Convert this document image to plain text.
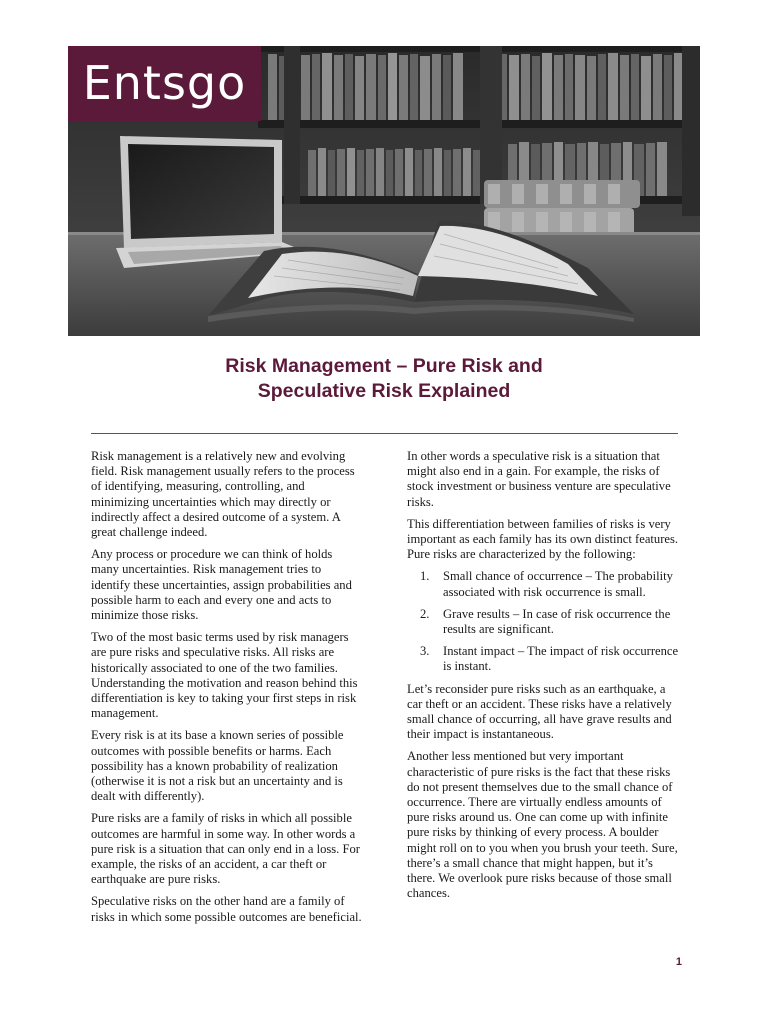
Entsgo
Risk Management – Pure Risk and
Speculative Risk Explained

Risk management is a relatively new and evolving field. Risk management usually refers to the process of identifying, measuring, controlling, and minimizing uncertainties which may directly or indirectly affect a desired outcome of a system. A great challenge indeed.

Any process or procedure we can think of holds many uncertainties. Risk management tries to identify these uncertainties, assign probabilities and possible harm to each and every one and acts to minimize those risks.

Two of the most basic terms used by risk managers are pure risks and speculative risks. All risks are historically associated to one of the two families. Understanding the motivation and reason behind this differentiation is key to taking your first steps in risk management.

Every risk is at its base a known series of possible outcomes with possible benefits or harms. Each possibility has a known probability of realization (otherwise it is not a risk but an uncertainty and is dealt with differently).

Pure risks are a family of risks in which all possible outcomes are harmful in some way. In other words a pure risk is a situation that can only end in a loss. For example, the risks of an accident, a car theft or earthquake are pure risks.

Speculative risks on the other hand are a family of risks in which some possible outcomes are beneficial.

In other words a speculative risk is a situation that might also end in a gain. For example, the risks of stock investment or business venture are speculative risks.

This differentiation between families of risks is very important as each family has its own distinct features. Pure risks are characterized by the following:

1. Small chance of occurrence – The probability associated with risk occurrence is small.
2. Grave results – In case of risk occurrence the results are significant.
3. Instant impact – The impact of risk occurrence is instant.

Let’s reconsider pure risks such as an earthquake, a car theft or an accident. These risks have a relatively small chance of occurring, all have grave results and their impact is instantaneous.

Another less mentioned but very important characteristic of pure risks is the fact that these risks do not present themselves due to the small chance of occurrence. There are virtually endless amounts of pure risks around us. One can come up with infinite pure risks by thinking of every process. A boulder might roll on to you when you brush your teeth. Sure, there’s a small chance that might happen, but it’s there. We overlook pure risks because of those small chances.

1
